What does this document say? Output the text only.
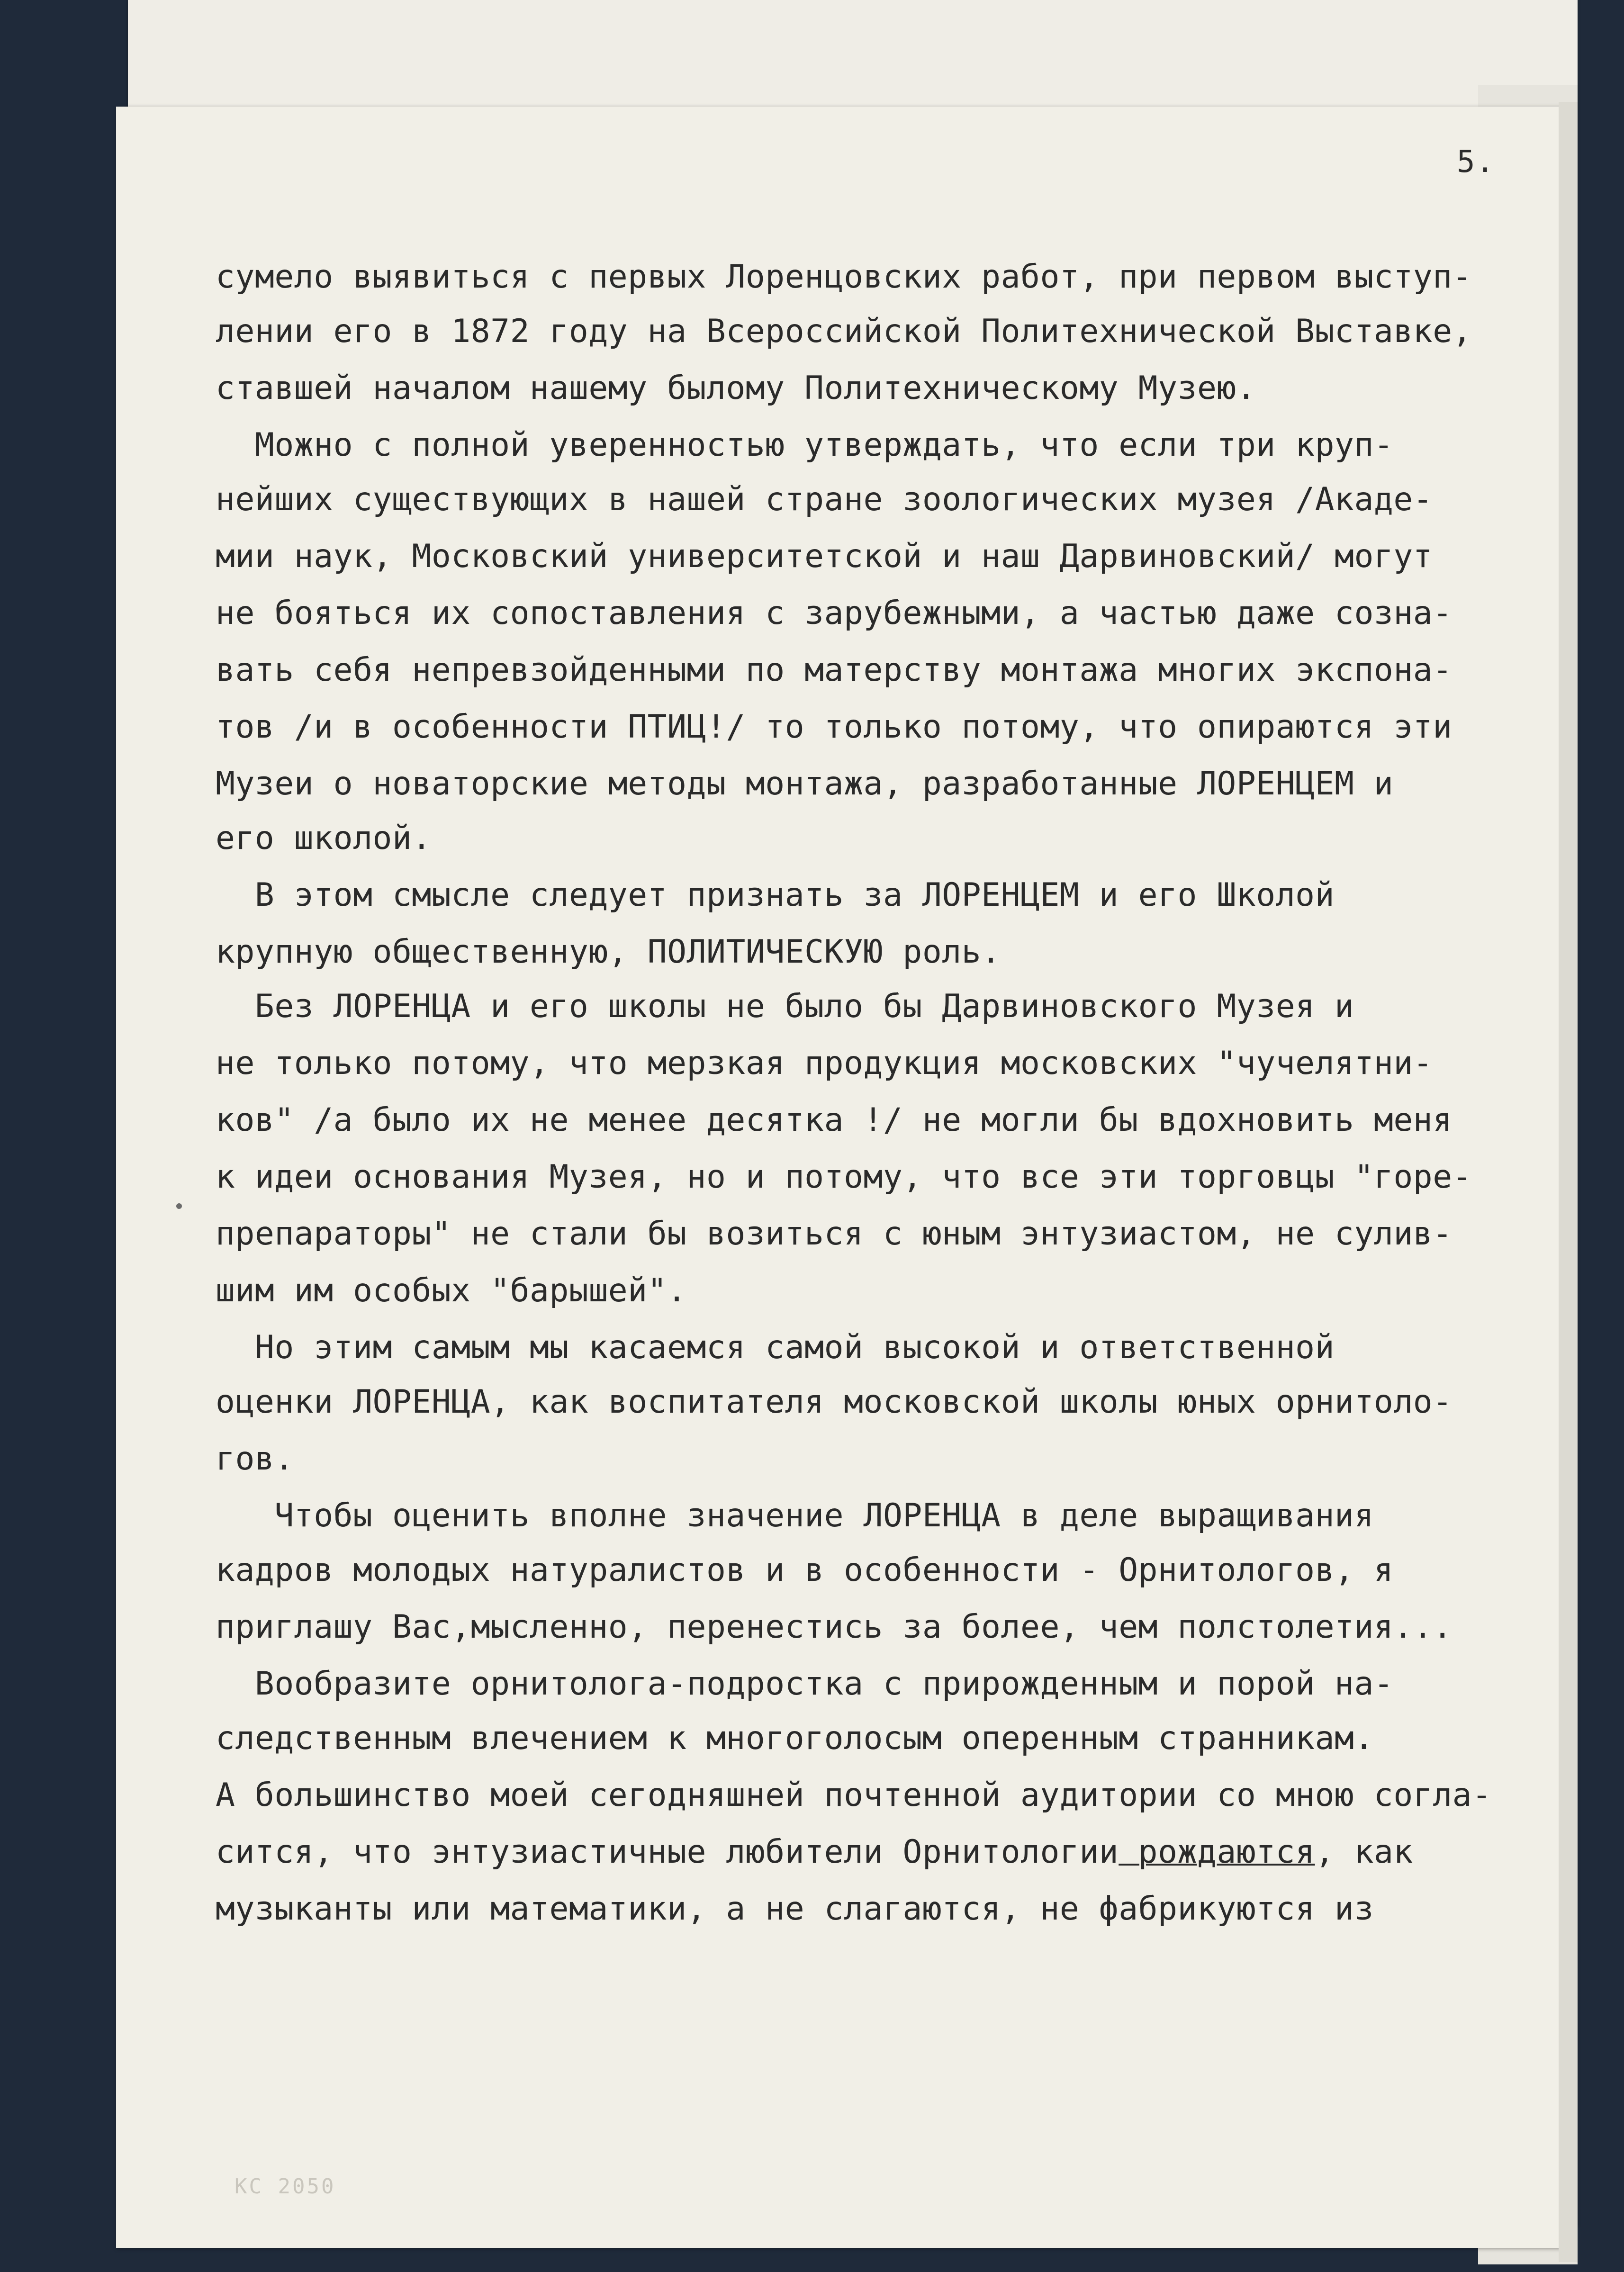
5.
сумело выявиться с первых Лоренцовских работ, при первом выступ-
лении его в 1872 году на Всероссийской Политехнической Выставке,
ставшей началом нашему былому Политехническому Музею.
Можно с полной уверенностью утверждать, что если три круп-
нейших существующих в нашей стране зоологических музея /Акаде-
мии наук, Московский университетской и наш Дарвиновский/ могут
не бояться их сопоставления с зарубежными, а частью даже созна-
вать себя непревзойденными по матерству монтажа многих экспона-
тов /и в особенности ПТИЦ!/ то только потому, что опираются эти
Музеи о новаторские методы монтажа, разработанные ЛОРЕНЦЕМ и
его школой.
В этом смысле следует признать за ЛОРЕНЦЕМ и его Школой
крупную общественную, ПОЛИТИЧЕСКУЮ роль.
Без ЛОРЕНЦА и его школы не было бы Дарвиновского Музея и
не только потому, что мерзкая продукция московских "чучелятни-
ков" /а было их не менее десятка !/ не могли бы вдохновить меня
к идеи основания Музея, но и потому, что все эти торговцы "горе-
препараторы" не стали бы возиться с юным энтузиастом, не сулив-
шим им особых "барышей".
Но этим самым мы касаемся самой высокой и ответственной
оценки ЛОРЕНЦА, как воспитателя московской школы юных орнитоло-
гов.
Чтобы оценить вполне значение ЛОРЕНЦА в деле выращивания
кадров молодых натуралистов и в особенности - Орнитологов, я
приглашу Вас,мысленно, перенестись за более, чем полстолетия...
Вообразите орнитолога-подростка с прирожденным и порой на-
следственным влечением к многоголосым оперенным странникам.
А большинство моей сегодняшней почтенной аудитории со мною согла-
сится, что энтузиастичные любители Орнитологии рождаются, как
музыканты или математики, а не слагаются, не фабрикуются из
КС 2050
